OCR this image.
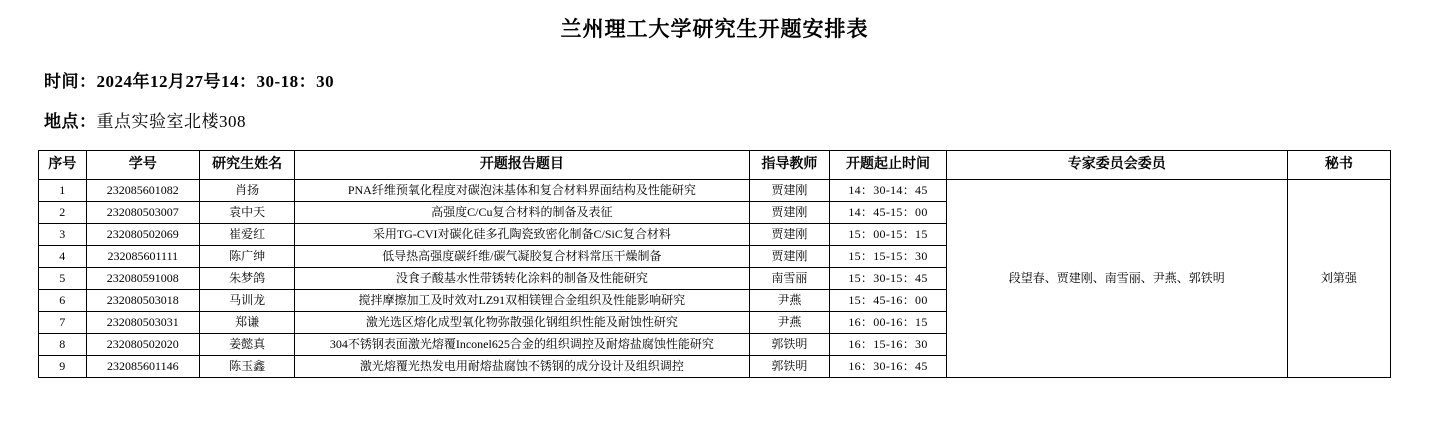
兰州理工大学研究生开题安排表
时间：2024年12月27号14：30-18：30
地点：重点实验室北楼308
序号	学号	研究生姓名	开题报告题目	指导教师	开题起止时间	专家委员会委员	秘书
1	232085601082	肖扬	PNA纤维预氧化程度对碳泡沫基体和复合材料界面结构及性能研究	贾建刚	14：30-14：45	段望春、贾建刚、南雪丽、尹燕、郭铁明	刘第强
2	232080503007	袁中天	高强度C/Cu复合材料的制备及表征	贾建刚	14：45-15：00		
3	232080502069	崔爱红	采用TG-CVI对碳化硅多孔陶瓷致密化制备C/SiC复合材料	贾建刚	15：00-15：15		
4	232085601111	陈广绅	低导热高强度碳纤维/碳气凝胶复合材料常压干燥制备	贾建刚	15：15-15：30		
5	232080591008	朱梦鸽	没食子酸基水性带锈转化涂料的制备及性能研究	南雪丽	15：30-15：45		
6	232080503018	马训龙	搅拌摩擦加工及时效对LZ91双相镁锂合金组织及性能影响研究	尹燕	15：45-16：00		
7	232080503031	郑谦	激光选区熔化成型氧化物弥散强化钢组织性能及耐蚀性研究	尹燕	16：00-16：15		
8	232080502020	姜懿真	304不锈钢表面激光熔覆Inconel625合金的组织调控及耐熔盐腐蚀性能研究	郭铁明	16：15-16：30		
9	232085601146	陈玉鑫	激光熔覆光热发电用耐熔盐腐蚀不锈钢的成分设计及组织调控	郭铁明	16：30-16：45		
